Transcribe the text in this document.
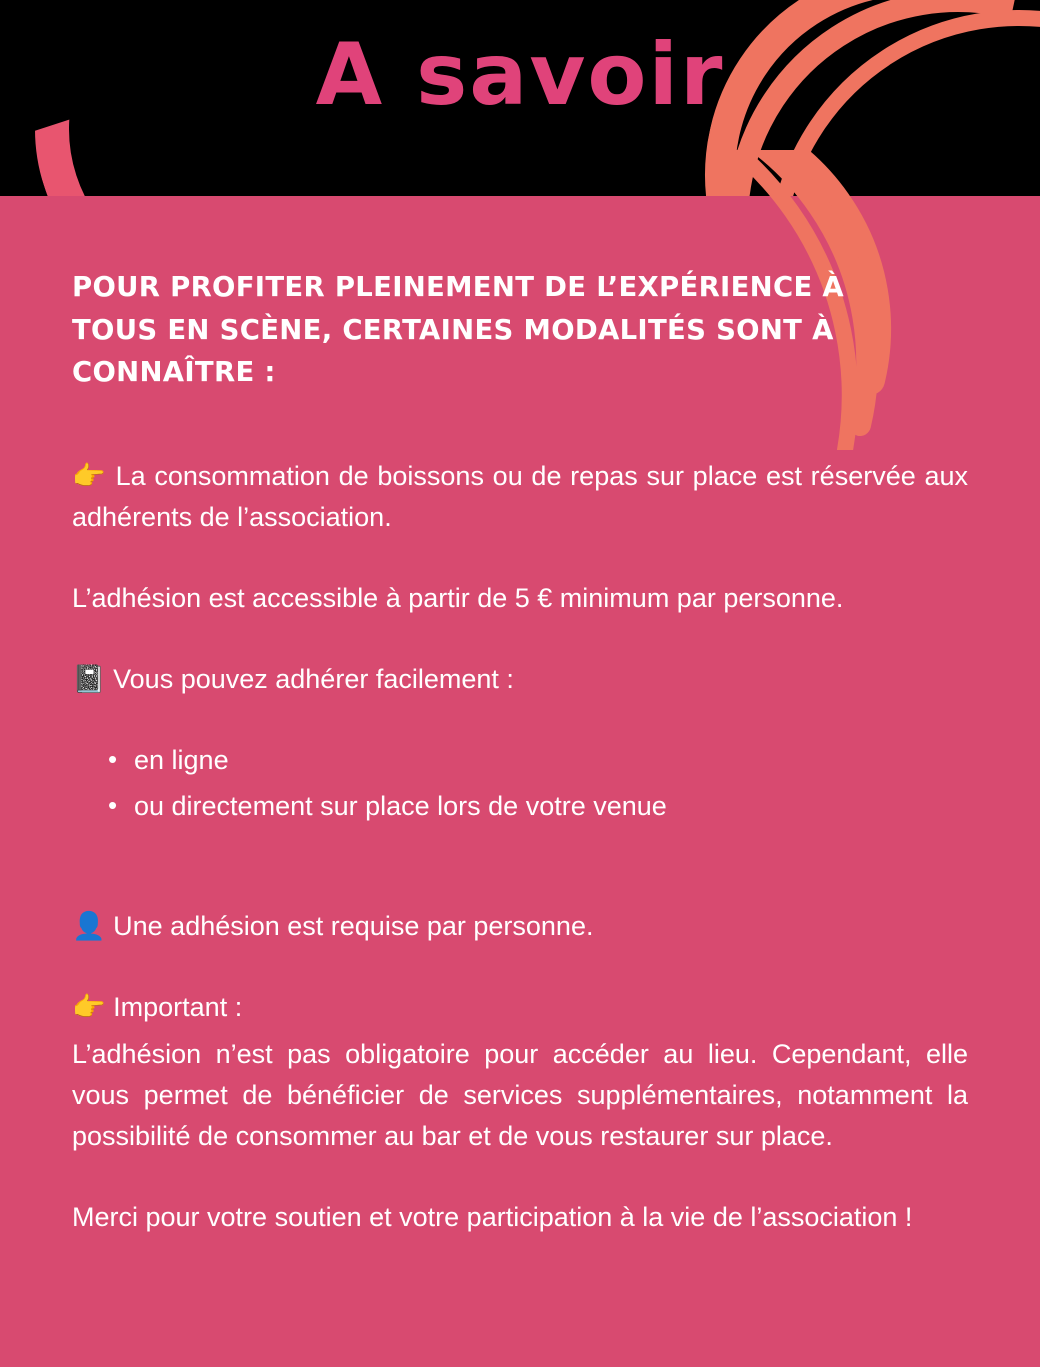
A savoir
POUR PROFITER PLEINEMENT DE L’EXPÉRIENCE À TOUS EN SCÈNE, CERTAINES MODALITÉS SONT À CONNAÎTRE :

👉 La consommation de boissons ou de repas sur place est réservée aux adhérents de l’association.

L’adhésion est accessible à partir de 5 € minimum par personne.

📓 Vous pouvez adhérer facilement :

• en ligne
• ou directement sur place lors de votre venue

👤 Une adhésion est requise par personne.

👉 Important :

L’adhésion n’est pas obligatoire pour accéder au lieu. Cependant, elle vous permet de bénéficier de services supplémentaires, notamment la possibilité de consommer au bar et de vous restaurer sur place.

Merci pour votre soutien et votre participation à la vie de l’association !
